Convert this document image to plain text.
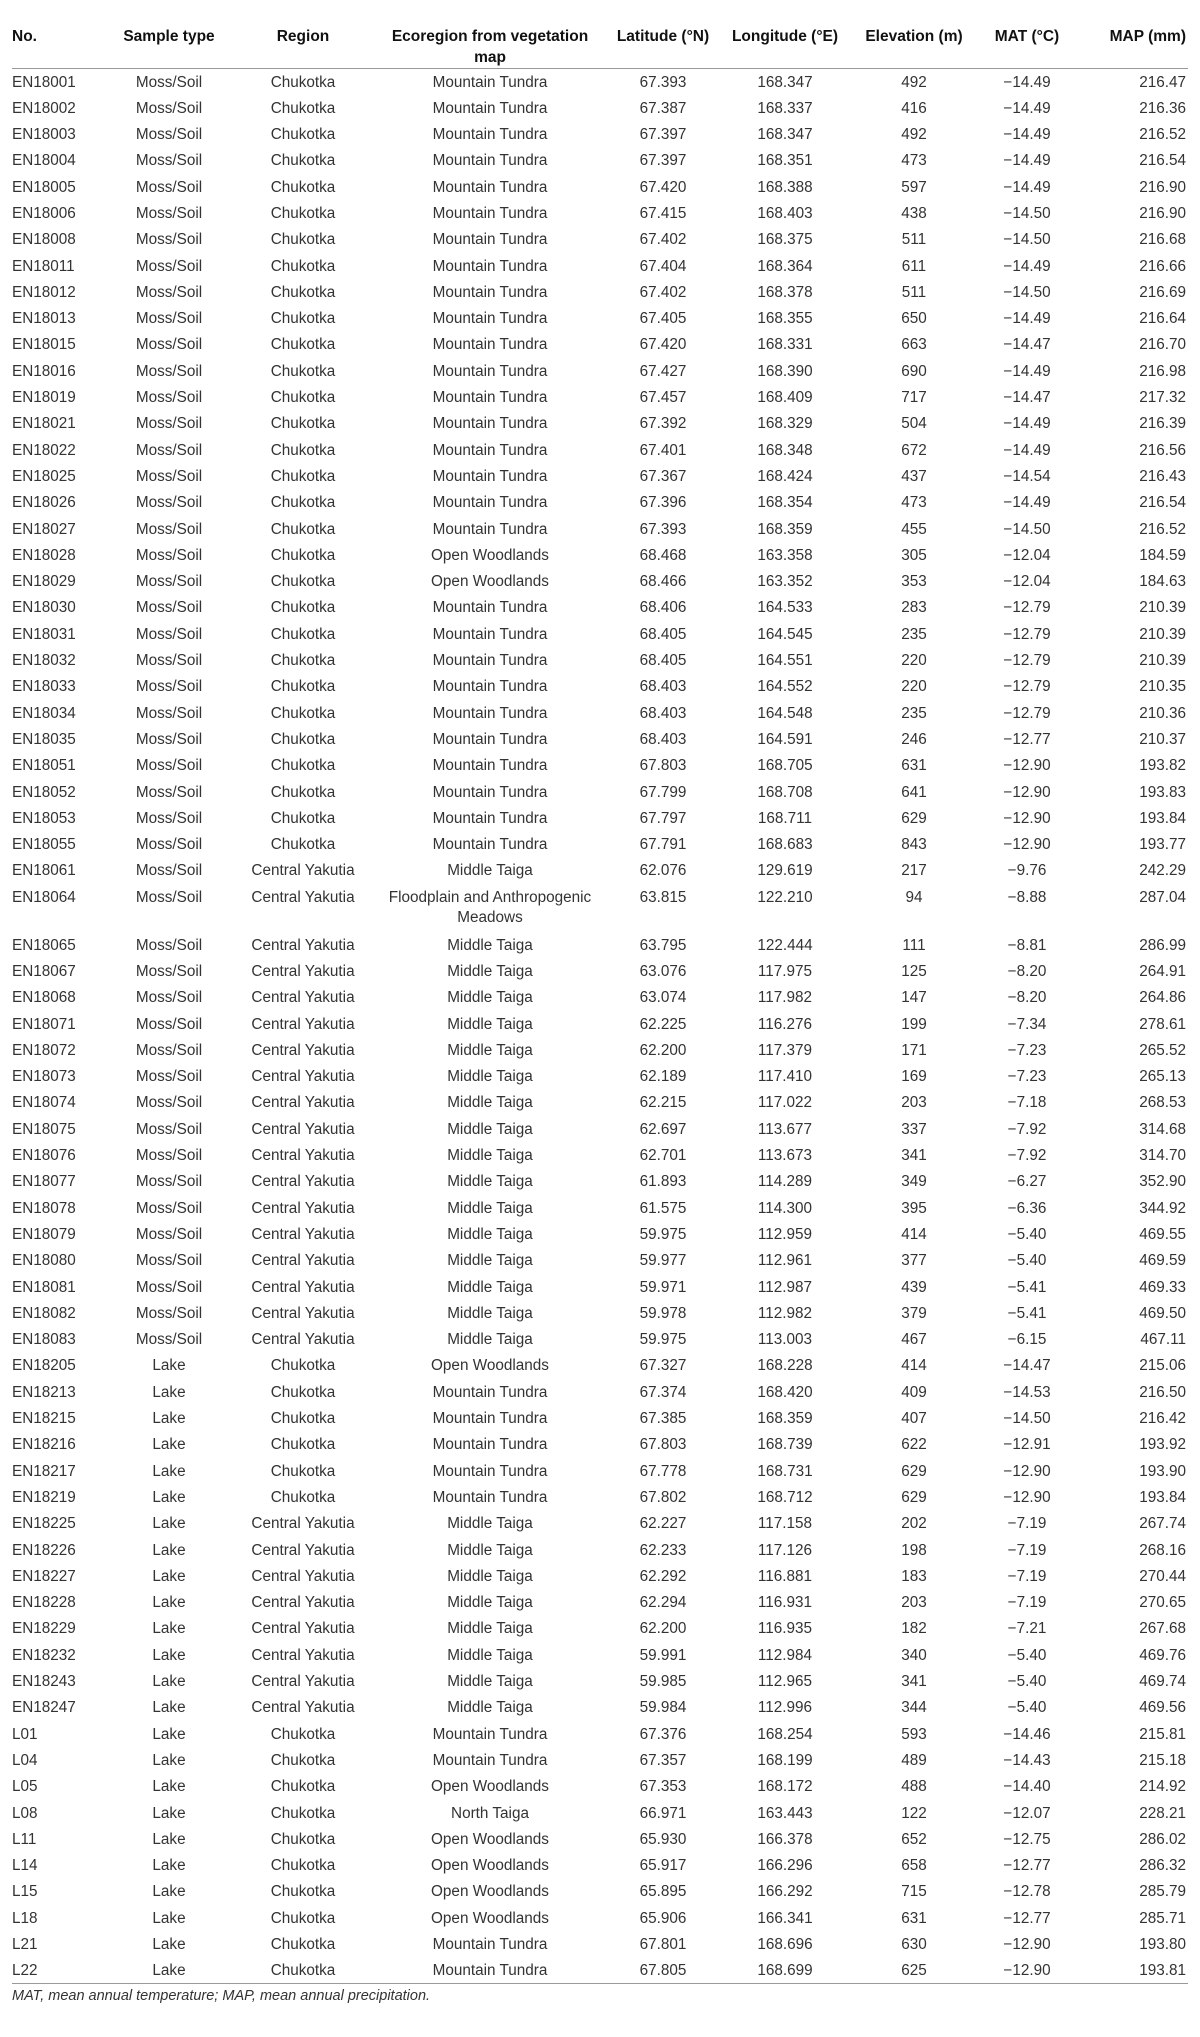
No.	Sample type	Region	Ecoregion from vegetation map	Latitude (°N)	Longitude (°E)	Elevation (m)	MAT (°C)	MAP (mm)
EN18001	Moss/Soil	Chukotka	Mountain Tundra	67.393	168.347	492	−14.49	216.47
EN18002	Moss/Soil	Chukotka	Mountain Tundra	67.387	168.337	416	−14.49	216.36
EN18003	Moss/Soil	Chukotka	Mountain Tundra	67.397	168.347	492	−14.49	216.52
EN18004	Moss/Soil	Chukotka	Mountain Tundra	67.397	168.351	473	−14.49	216.54
EN18005	Moss/Soil	Chukotka	Mountain Tundra	67.420	168.388	597	−14.49	216.90
EN18006	Moss/Soil	Chukotka	Mountain Tundra	67.415	168.403	438	−14.50	216.90
EN18008	Moss/Soil	Chukotka	Mountain Tundra	67.402	168.375	511	−14.50	216.68
EN18011	Moss/Soil	Chukotka	Mountain Tundra	67.404	168.364	611	−14.49	216.66
EN18012	Moss/Soil	Chukotka	Mountain Tundra	67.402	168.378	511	−14.50	216.69
EN18013	Moss/Soil	Chukotka	Mountain Tundra	67.405	168.355	650	−14.49	216.64
EN18015	Moss/Soil	Chukotka	Mountain Tundra	67.420	168.331	663	−14.47	216.70
EN18016	Moss/Soil	Chukotka	Mountain Tundra	67.427	168.390	690	−14.49	216.98
EN18019	Moss/Soil	Chukotka	Mountain Tundra	67.457	168.409	717	−14.47	217.32
EN18021	Moss/Soil	Chukotka	Mountain Tundra	67.392	168.329	504	−14.49	216.39
EN18022	Moss/Soil	Chukotka	Mountain Tundra	67.401	168.348	672	−14.49	216.56
EN18025	Moss/Soil	Chukotka	Mountain Tundra	67.367	168.424	437	−14.54	216.43
EN18026	Moss/Soil	Chukotka	Mountain Tundra	67.396	168.354	473	−14.49	216.54
EN18027	Moss/Soil	Chukotka	Mountain Tundra	67.393	168.359	455	−14.50	216.52
EN18028	Moss/Soil	Chukotka	Open Woodlands	68.468	163.358	305	−12.04	184.59
EN18029	Moss/Soil	Chukotka	Open Woodlands	68.466	163.352	353	−12.04	184.63
EN18030	Moss/Soil	Chukotka	Mountain Tundra	68.406	164.533	283	−12.79	210.39
EN18031	Moss/Soil	Chukotka	Mountain Tundra	68.405	164.545	235	−12.79	210.39
EN18032	Moss/Soil	Chukotka	Mountain Tundra	68.405	164.551	220	−12.79	210.39
EN18033	Moss/Soil	Chukotka	Mountain Tundra	68.403	164.552	220	−12.79	210.35
EN18034	Moss/Soil	Chukotka	Mountain Tundra	68.403	164.548	235	−12.79	210.36
EN18035	Moss/Soil	Chukotka	Mountain Tundra	68.403	164.591	246	−12.77	210.37
EN18051	Moss/Soil	Chukotka	Mountain Tundra	67.803	168.705	631	−12.90	193.82
EN18052	Moss/Soil	Chukotka	Mountain Tundra	67.799	168.708	641	−12.90	193.83
EN18053	Moss/Soil	Chukotka	Mountain Tundra	67.797	168.711	629	−12.90	193.84
EN18055	Moss/Soil	Chukotka	Mountain Tundra	67.791	168.683	843	−12.90	193.77
EN18061	Moss/Soil	Central Yakutia	Middle Taiga	62.076	129.619	217	−9.76	242.29
EN18064	Moss/Soil	Central Yakutia	Floodplain and Anthropogenic Meadows	63.815	122.210	94	−8.88	287.04
EN18065	Moss/Soil	Central Yakutia	Middle Taiga	63.795	122.444	111	−8.81	286.99
EN18067	Moss/Soil	Central Yakutia	Middle Taiga	63.076	117.975	125	−8.20	264.91
EN18068	Moss/Soil	Central Yakutia	Middle Taiga	63.074	117.982	147	−8.20	264.86
EN18071	Moss/Soil	Central Yakutia	Middle Taiga	62.225	116.276	199	−7.34	278.61
EN18072	Moss/Soil	Central Yakutia	Middle Taiga	62.200	117.379	171	−7.23	265.52
EN18073	Moss/Soil	Central Yakutia	Middle Taiga	62.189	117.410	169	−7.23	265.13
EN18074	Moss/Soil	Central Yakutia	Middle Taiga	62.215	117.022	203	−7.18	268.53
EN18075	Moss/Soil	Central Yakutia	Middle Taiga	62.697	113.677	337	−7.92	314.68
EN18076	Moss/Soil	Central Yakutia	Middle Taiga	62.701	113.673	341	−7.92	314.70
EN18077	Moss/Soil	Central Yakutia	Middle Taiga	61.893	114.289	349	−6.27	352.90
EN18078	Moss/Soil	Central Yakutia	Middle Taiga	61.575	114.300	395	−6.36	344.92
EN18079	Moss/Soil	Central Yakutia	Middle Taiga	59.975	112.959	414	−5.40	469.55
EN18080	Moss/Soil	Central Yakutia	Middle Taiga	59.977	112.961	377	−5.40	469.59
EN18081	Moss/Soil	Central Yakutia	Middle Taiga	59.971	112.987	439	−5.41	469.33
EN18082	Moss/Soil	Central Yakutia	Middle Taiga	59.978	112.982	379	−5.41	469.50
EN18083	Moss/Soil	Central Yakutia	Middle Taiga	59.975	113.003	467	−6.15	467.11
EN18205	Lake	Chukotka	Open Woodlands	67.327	168.228	414	−14.47	215.06
EN18213	Lake	Chukotka	Mountain Tundra	67.374	168.420	409	−14.53	216.50
EN18215	Lake	Chukotka	Mountain Tundra	67.385	168.359	407	−14.50	216.42
EN18216	Lake	Chukotka	Mountain Tundra	67.803	168.739	622	−12.91	193.92
EN18217	Lake	Chukotka	Mountain Tundra	67.778	168.731	629	−12.90	193.90
EN18219	Lake	Chukotka	Mountain Tundra	67.802	168.712	629	−12.90	193.84
EN18225	Lake	Central Yakutia	Middle Taiga	62.227	117.158	202	−7.19	267.74
EN18226	Lake	Central Yakutia	Middle Taiga	62.233	117.126	198	−7.19	268.16
EN18227	Lake	Central Yakutia	Middle Taiga	62.292	116.881	183	−7.19	270.44
EN18228	Lake	Central Yakutia	Middle Taiga	62.294	116.931	203	−7.19	270.65
EN18229	Lake	Central Yakutia	Middle Taiga	62.200	116.935	182	−7.21	267.68
EN18232	Lake	Central Yakutia	Middle Taiga	59.991	112.984	340	−5.40	469.76
EN18243	Lake	Central Yakutia	Middle Taiga	59.985	112.965	341	−5.40	469.74
EN18247	Lake	Central Yakutia	Middle Taiga	59.984	112.996	344	−5.40	469.56
L01	Lake	Chukotka	Mountain Tundra	67.376	168.254	593	−14.46	215.81
L04	Lake	Chukotka	Mountain Tundra	67.357	168.199	489	−14.43	215.18
L05	Lake	Chukotka	Open Woodlands	67.353	168.172	488	−14.40	214.92
L08	Lake	Chukotka	North Taiga	66.971	163.443	122	−12.07	228.21
L11	Lake	Chukotka	Open Woodlands	65.930	166.378	652	−12.75	286.02
L14	Lake	Chukotka	Open Woodlands	65.917	166.296	658	−12.77	286.32
L15	Lake	Chukotka	Open Woodlands	65.895	166.292	715	−12.78	285.79
L18	Lake	Chukotka	Open Woodlands	65.906	166.341	631	−12.77	285.71
L21	Lake	Chukotka	Mountain Tundra	67.801	168.696	630	−12.90	193.80
L22	Lake	Chukotka	Mountain Tundra	67.805	168.699	625	−12.90	193.81
MAT, mean annual temperature; MAP, mean annual precipitation.
